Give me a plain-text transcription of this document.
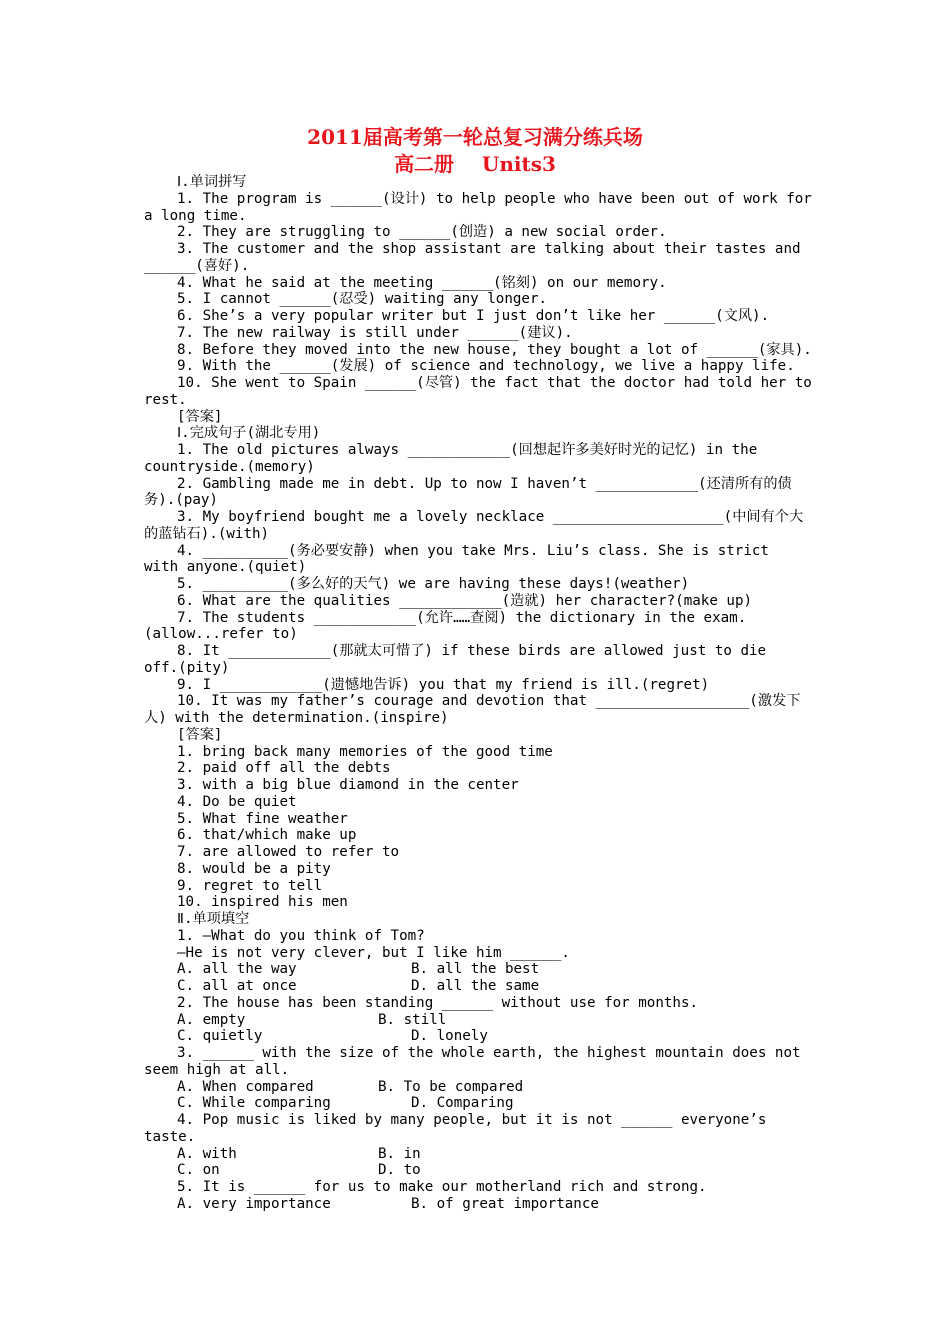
2011届高考第一轮总复习满分练兵场
高二册    Units3
Ⅰ.单词拼写
1. The program is ______(设计) to help people who have been out of work for
a long time.
2. They are struggling to ______(创造) a new social order.
3. The customer and the shop assistant are talking about their tastes and
______(喜好).
4. What he said at the meeting ______(铭刻) on our memory.
5. I cannot ______(忍受) waiting any longer.
6. She’s a very popular writer but I just don’t like her ______(文风).
7. The new railway is still under ______(建议).
8. Before they moved into the new house, they bought a lot of ______(家具).
9. With the ______(发展) of science and technology, we live a happy life.
10. She went to Spain ______(尽管) the fact that the doctor had told her to
rest.
[答案]
Ⅰ.完成句子(湖北专用)
1. The old pictures always ____________(回想起许多美好时光的记忆) in the
countryside.(memory)
2. Gambling made me in debt. Up to now I haven’t ____________(还清所有的债
务).(pay)
3. My boyfriend bought me a lovely necklace ____________________(中间有个大
的蓝钻石).(with)
4. __________(务必要安静) when you take Mrs. Liu’s class. She is strict
with anyone.(quiet)
5. __________(多么好的天气) we are having these days!(weather)
6. What are the qualities ____________(造就) her character?(make up)
7. The students ____________(允许……查阅) the dictionary in the exam.
(allow...refer to)
8. It ____________(那就太可惜了) if these birds are allowed just to die
off.(pity)
9. I ____________(遗憾地告诉) you that my friend is ill.(regret)
10. It was my father’s courage and devotion that __________________(激发下
人) with the determination.(inspire)
[答案]
1. bring back many memories of the good time
2. paid off all the debts
3. with a big blue diamond in the center
4. Do be quiet
5. What fine weather
6. that/which make up
7. are allowed to refer to
8. would be a pity
9. regret to tell
10. inspired his men
Ⅱ.单项填空
1. —What do you think of Tom?
—He is not very clever, but I like him ______.
A. all the way	B. all the best
C. all at once	D. all the same
2. The house has been standing ______ without use for months.
A. empty	B. still
C. quietly	D. lonely
3. ______ with the size of the whole earth, the highest mountain does not
seem high at all.
A. When compared	B. To be compared
C. While comparing	D. Comparing
4. Pop music is liked by many people, but it is not ______ everyone’s
taste.
A. with	B. in
C. on	D. to
5. It is ______ for us to make our motherland rich and strong.
A. very importance	B. of great importance
